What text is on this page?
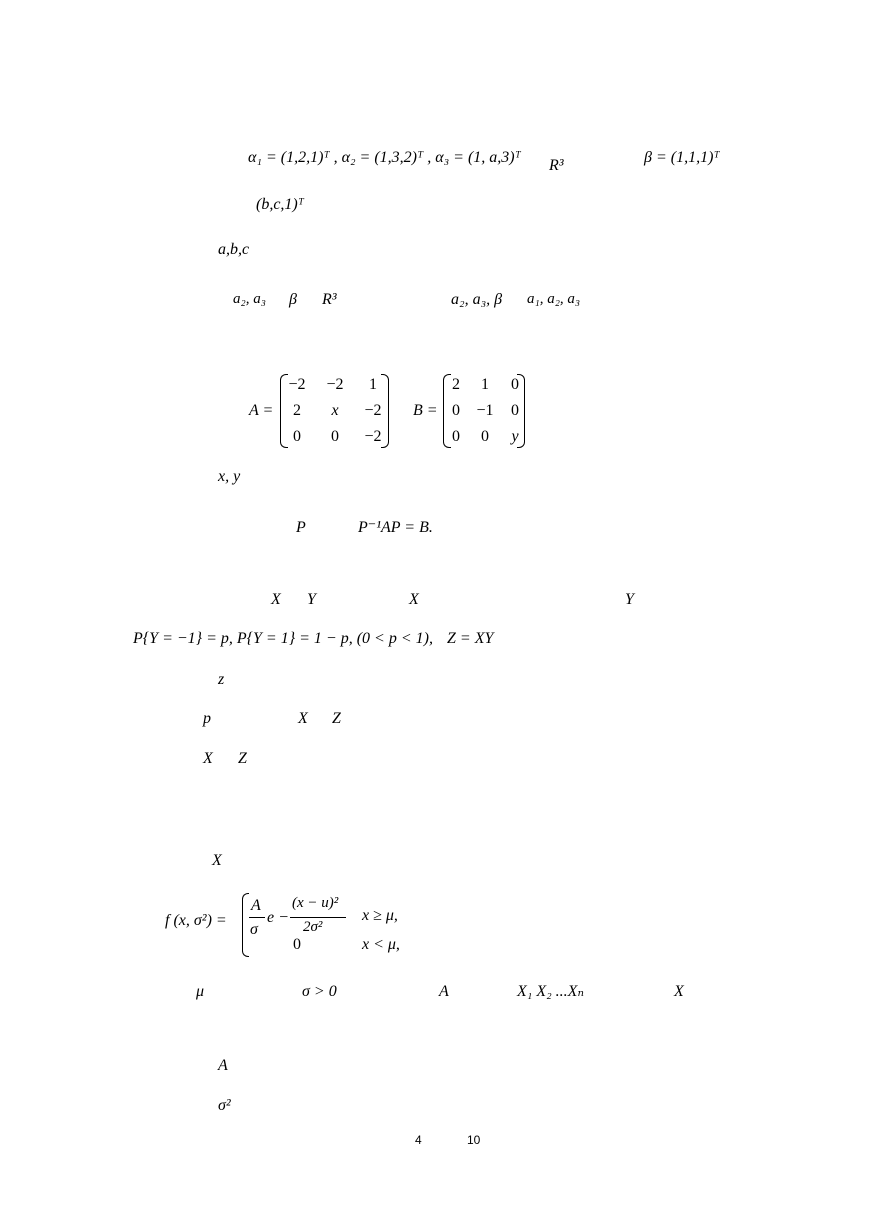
α₁ = (1,2,1)ᵀ , α₂ = (1,3,2)ᵀ , α₃ = (1, a,3)ᵀ R³	β = (1,1,1)ᵀ
(b,c,1)ᵀ
a,b,c
a₂, a₃ β R³	a₂, a₃, β a₁, a₂, a₃
A =
−2	−2	1
2	x	−2
0	0	−2
B =
2	1	0
0	−1	0
0	0	y
x, y
P	P⁻¹AP = B.
X Y	X	Y
P{Y = −1} = p, P{Y = 1} = 1 − p, (0 < p < 1), Z = XY
z
p	X Z
X Z
X
f (x, σ²) =
A
σ
e −
(x − u)²
2σ²
0
x ≥ μ,
x < μ,
μ	σ > 0	A	X₁ X₂ ...Xₙ	X
A
σ²
4	10
